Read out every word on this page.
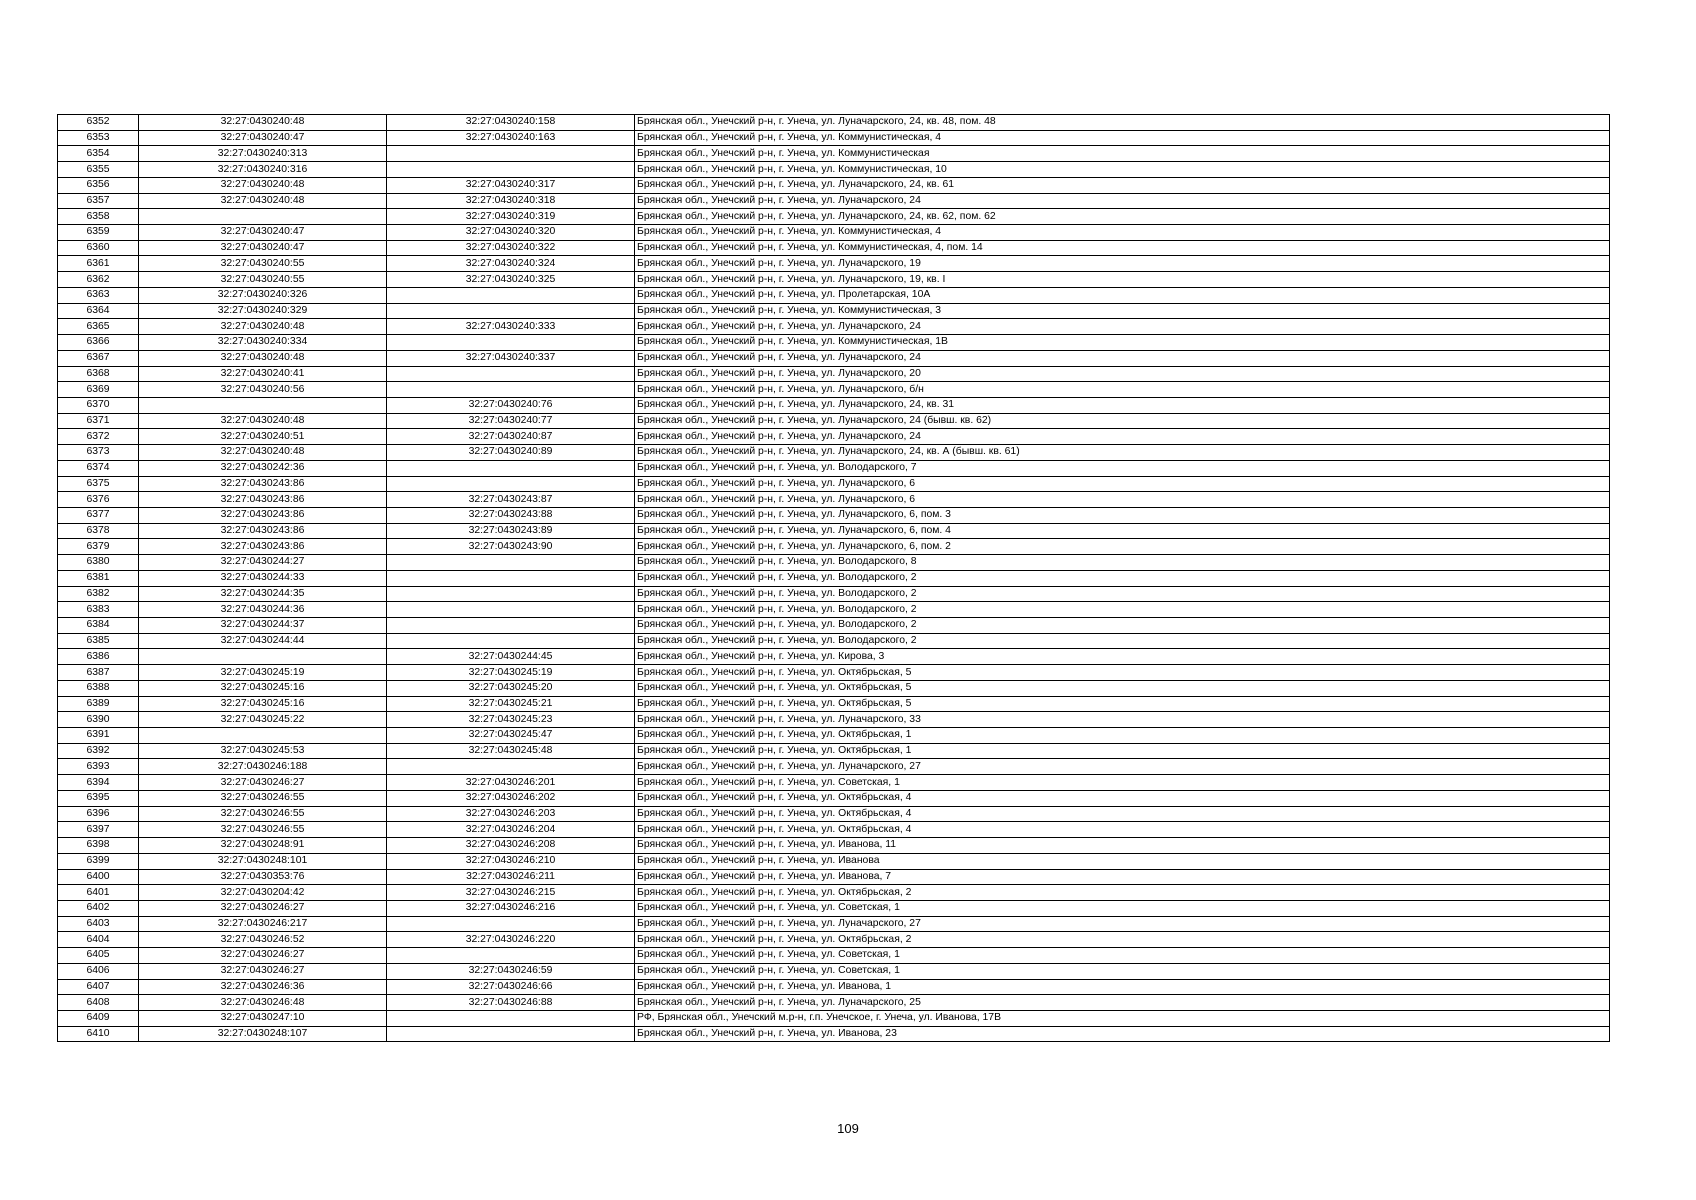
6352	32:27:0430240:48	32:27:0430240:158	Брянская обл., Унечский р-н, г. Унеча, ул. Луначарского, 24, кв. 48, пом. 48
6353	32:27:0430240:47	32:27:0430240:163	Брянская обл., Унечский р-н, г. Унеча, ул. Коммунистическая, 4
6354	32:27:0430240:313		Брянская обл., Унечский р-н, г. Унеча, ул. Коммунистическая
6355	32:27:0430240:316		Брянская обл., Унечский р-н, г. Унеча, ул. Коммунистическая, 10
6356	32:27:0430240:48	32:27:0430240:317	Брянская обл., Унечский р-н, г. Унеча, ул. Луначарского, 24, кв. 61
6357	32:27:0430240:48	32:27:0430240:318	Брянская обл., Унечский р-н, г. Унеча, ул. Луначарского, 24
6358		32:27:0430240:319	Брянская обл., Унечский р-н, г. Унеча, ул. Луначарского, 24, кв. 62, пом. 62
6359	32:27:0430240:47	32:27:0430240:320	Брянская обл., Унечский р-н, г. Унеча, ул. Коммунистическая, 4
6360	32:27:0430240:47	32:27:0430240:322	Брянская обл., Унечский р-н, г. Унеча, ул. Коммунистическая, 4, пом. 14
6361	32:27:0430240:55	32:27:0430240:324	Брянская обл., Унечский р-н, г. Унеча, ул. Луначарского, 19
6362	32:27:0430240:55	32:27:0430240:325	Брянская обл., Унечский р-н, г. Унеча, ул. Луначарского, 19, кв. I
6363	32:27:0430240:326		Брянская обл., Унечский р-н, г. Унеча, ул. Пролетарская, 10А
6364	32:27:0430240:329		Брянская обл., Унечский р-н, г. Унеча, ул. Коммунистическая, 3
6365	32:27:0430240:48	32:27:0430240:333	Брянская обл., Унечский р-н, г. Унеча, ул. Луначарского, 24
6366	32:27:0430240:334		Брянская обл., Унечский р-н, г. Унеча, ул. Коммунистическая, 1В
6367	32:27:0430240:48	32:27:0430240:337	Брянская обл., Унечский р-н, г. Унеча, ул. Луначарского, 24
6368	32:27:0430240:41		Брянская обл., Унечский р-н, г. Унеча, ул. Луначарского, 20
6369	32:27:0430240:56		Брянская обл., Унечский р-н, г. Унеча, ул. Луначарского, б/н
6370		32:27:0430240:76	Брянская обл., Унечский р-н, г. Унеча, ул. Луначарского, 24, кв. 31
6371	32:27:0430240:48	32:27:0430240:77	Брянская обл., Унечский р-н, г. Унеча, ул. Луначарского, 24 (бывш. кв. 62)
6372	32:27:0430240:51	32:27:0430240:87	Брянская обл., Унечский р-н, г. Унеча, ул. Луначарского, 24
6373	32:27:0430240:48	32:27:0430240:89	Брянская обл., Унечский р-н, г. Унеча, ул. Луначарского, 24, кв. А (бывш. кв. 61)
6374	32:27:0430242:36		Брянская обл., Унечский р-н, г. Унеча, ул. Володарского, 7
6375	32:27:0430243:86		Брянская обл., Унечский р-н, г. Унеча, ул. Луначарского, 6
6376	32:27:0430243:86	32:27:0430243:87	Брянская обл., Унечский р-н, г. Унеча, ул. Луначарского, 6
6377	32:27:0430243:86	32:27:0430243:88	Брянская обл., Унечский р-н, г. Унеча, ул. Луначарского, 6, пом. 3
6378	32:27:0430243:86	32:27:0430243:89	Брянская обл., Унечский р-н, г. Унеча, ул. Луначарского, 6, пом. 4
6379	32:27:0430243:86	32:27:0430243:90	Брянская обл., Унечский р-н, г. Унеча, ул. Луначарского, 6, пом. 2
6380	32:27:0430244:27		Брянская обл., Унечский р-н, г. Унеча, ул. Володарского, 8
6381	32:27:0430244:33		Брянская обл., Унечский р-н, г. Унеча, ул. Володарского, 2
6382	32:27:0430244:35		Брянская обл., Унечский р-н, г. Унеча, ул. Володарского, 2
6383	32:27:0430244:36		Брянская обл., Унечский р-н, г. Унеча, ул. Володарского, 2
6384	32:27:0430244:37		Брянская обл., Унечский р-н, г. Унеча, ул. Володарского, 2
6385	32:27:0430244:44		Брянская обл., Унечский р-н, г. Унеча, ул. Володарского, 2
6386		32:27:0430244:45	Брянская обл., Унечский р-н, г. Унеча, ул. Кирова, 3
6387	32:27:0430245:19	32:27:0430245:19	Брянская обл., Унечский р-н, г. Унеча, ул. Октябрьская, 5
6388	32:27:0430245:16	32:27:0430245:20	Брянская обл., Унечский р-н, г. Унеча, ул. Октябрьская, 5
6389	32:27:0430245:16	32:27:0430245:21	Брянская обл., Унечский р-н, г. Унеча, ул. Октябрьская, 5
6390	32:27:0430245:22	32:27:0430245:23	Брянская обл., Унечский р-н, г. Унеча, ул. Луначарского, 33
6391		32:27:0430245:47	Брянская обл., Унечский р-н, г. Унеча, ул. Октябрьская, 1
6392	32:27:0430245:53	32:27:0430245:48	Брянская обл., Унечский р-н, г. Унеча, ул. Октябрьская, 1
6393	32:27:0430246:188		Брянская обл., Унечский р-н, г. Унеча, ул. Луначарского, 27
6394	32:27:0430246:27	32:27:0430246:201	Брянская обл., Унечский р-н, г. Унеча, ул. Советская, 1
6395	32:27:0430246:55	32:27:0430246:202	Брянская обл., Унечский р-н, г. Унеча, ул. Октябрьская, 4
6396	32:27:0430246:55	32:27:0430246:203	Брянская обл., Унечский р-н, г. Унеча, ул. Октябрьская, 4
6397	32:27:0430246:55	32:27:0430246:204	Брянская обл., Унечский р-н, г. Унеча, ул. Октябрьская, 4
6398	32:27:0430248:91	32:27:0430246:208	Брянская обл., Унечский р-н, г. Унеча, ул. Иванова, 11
6399	32:27:0430248:101	32:27:0430246:210	Брянская обл., Унечский р-н, г. Унеча, ул. Иванова
6400	32:27:0430353:76	32:27:0430246:211	Брянская обл., Унечский р-н, г. Унеча, ул. Иванова, 7
6401	32:27:0430204:42	32:27:0430246:215	Брянская обл., Унечский р-н, г. Унеча, ул. Октябрьская, 2
6402	32:27:0430246:27	32:27:0430246:216	Брянская обл., Унечский р-н, г. Унеча, ул. Советская, 1
6403	32:27:0430246:217		Брянская обл., Унечский р-н, г. Унеча, ул. Луначарского, 27
6404	32:27:0430246:52	32:27:0430246:220	Брянская обл., Унечский р-н, г. Унеча, ул. Октябрьская, 2
6405	32:27:0430246:27		Брянская обл., Унечский р-н, г. Унеча, ул. Советская, 1
6406	32:27:0430246:27	32:27:0430246:59	Брянская обл., Унечский р-н, г. Унеча, ул. Советская, 1
6407	32:27:0430246:36	32:27:0430246:66	Брянская обл., Унечский р-н, г. Унеча, ул. Иванова, 1
6408	32:27:0430246:48	32:27:0430246:88	Брянская обл., Унечский р-н, г. Унеча, ул. Луначарского, 25
6409	32:27:0430247:10		РФ, Брянская обл., Унечский м.р-н, г.п. Унечское, г. Унеча, ул. Иванова, 17В
6410	32:27:0430248:107		Брянская обл., Унечский р-н, г. Унеча, ул. Иванова, 23
109
